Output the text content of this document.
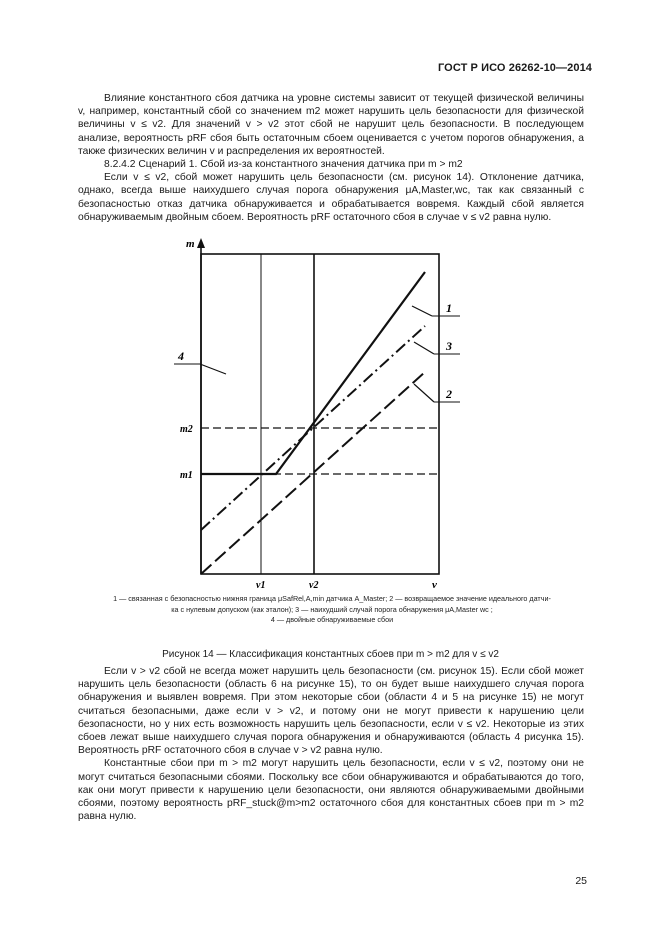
ГОСТ Р ИСО 26262-10—2014

Влияние константного сбоя датчика на уровне системы зависит от текущей физической величины v, например, константный сбой со значением m2 может нарушить цель безопасности для физической величины v ≤ v2. Для значений v > v2 этот сбой не нарушит цель безопасности. В последующем анализе, вероятность pRF сбоя быть остаточным сбоем оценивается с учетом порогов обнаружения, а также физических величин v и распределения их вероятностей.

8.2.4.2 Сценарий 1. Сбой из-за константного значения датчика при m > m2

Если v ≤ v2, сбой может нарушить цель безопасности (см. рисунок 14). Отклонение датчика, однако, всегда выше наихудшего случая порога обнаружения μA,Master,wc, так как связанный с безопасностью отказ датчика обнаруживается и обрабатывается вовремя. Каждый сбой является обнаруживаемым двойным сбоем. Вероятность pRF остаточного сбоя в случае v ≤ v2 равна нулю.

m
v
m2
m1
v1	v2
1
3
2
4
1 — связанная с безопасностью нижняя граница μSafRel,A,min датчика A_Master; 2 — возвращаемое значение идеального датчи-
ка с нулевым допуском (как эталон); 3 — наихудший случай порога обнаружения μA,Master wc ;
4 — двойные обнаруживаемые сбои
Рисунок 14 — Классификация константных сбоев при m > m2 для v ≤ v2

Если v > v2 сбой не всегда может нарушить цель безопасности (см. рисунок 15). Если сбой может нарушить цель безопасности (область 6 на рисунке 15), то он будет выше наихудшего случая порога обнаружения и выявлен вовремя. При этом некоторые сбои (области 4 и 5 на рисунке 15) не могут считаться безопасными, даже если v > v2, и потому они не могут привести к нарушению цели безопасности, но у них есть возможность нарушить цель безопасности, если v ≤ v2. Некоторые из этих сбоев лежат выше наихудшего случая порога обнаружения и обнаруживаются (область 4 рисунка 15). Вероятность pRF остаточного сбоя в случае v > v2 равна нулю.

Константные сбои при m > m2 могут нарушить цель безопасности, если v ≤ v2, поэтому они не могут считаться безопасными сбоями. Поскольку все сбои обнаруживаются и обрабатываются до того, как они могут привести к нарушению цели безопасности, они являются обнаруживаемыми двойными сбоями, поэтому вероятность pRF_stuck@m>m2 остаточного сбоя для константных сбоев при m > m2 равна нулю.

25
